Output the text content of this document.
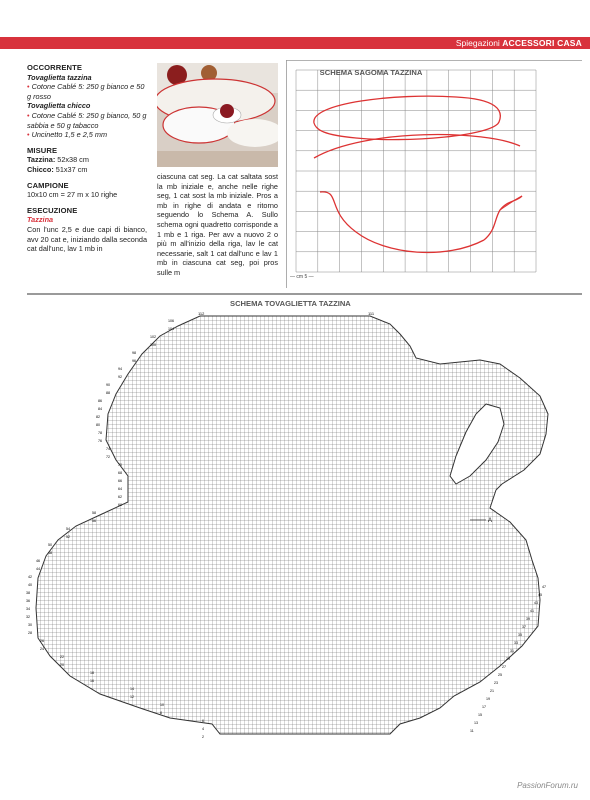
Spiegazioni ACCESSORI CASA
OCCORRENTE
Tovaglietta tazzina
• Cotone Cablé 5: 250 g bianco e 50 g rosso
Tovaglietta chicco
• Cotone Cablé 5: 250 g bianco, 50 g sabbia e 50 g tabacco
• Uncinetto 1,5 e 2,5 mm
MISURE
Tazzina: 52x38 cm
Chicco: 51x37 cm
CAMPIONE
10x10 cm = 27 m x 10 righe
ESECUZIONE
Tazzina
Con l'unc 2,5 e due capi di bianco, avv 20 cat e, iniziando dalla seconda cat dall'unc, lav 1 mb in
ciascuna cat seg. La cat saltata sost la mb iniziale e, anche nelle righe seg, 1 cat sost la mb iniziale. Pros a mb in righe di andata e ritorno seguendo lo Schema A. Sullo schema ogni quadretto corrisponde a 1 mb e 1 riga. Per avv a nuovo 2 o più m all'inizio della riga, lav le cat necessarie, salt 1 cat dall'unc e lav 1 mb in ciascuna cat seg, poi pros sulle m
SCHEMA SAGOMA TAZZINA
— cm 5 —
SCHEMA TOVAGLIETTA TAZZINA
A
112	111
106
104
102
100
98
96
94
92
90
88
86
84
82
80
78
76
74
72
70
68
66
64
62
60
58
56
54
52
50
48
46
44
42
40
38
36
34
32
30
28
26
24
22
20
18
16
14
12
10
8
6
4
2
47
45
43
41
39
37
35
33
31
29
27
25
23
21
19
17
15
13
11
PassionForum.ru
